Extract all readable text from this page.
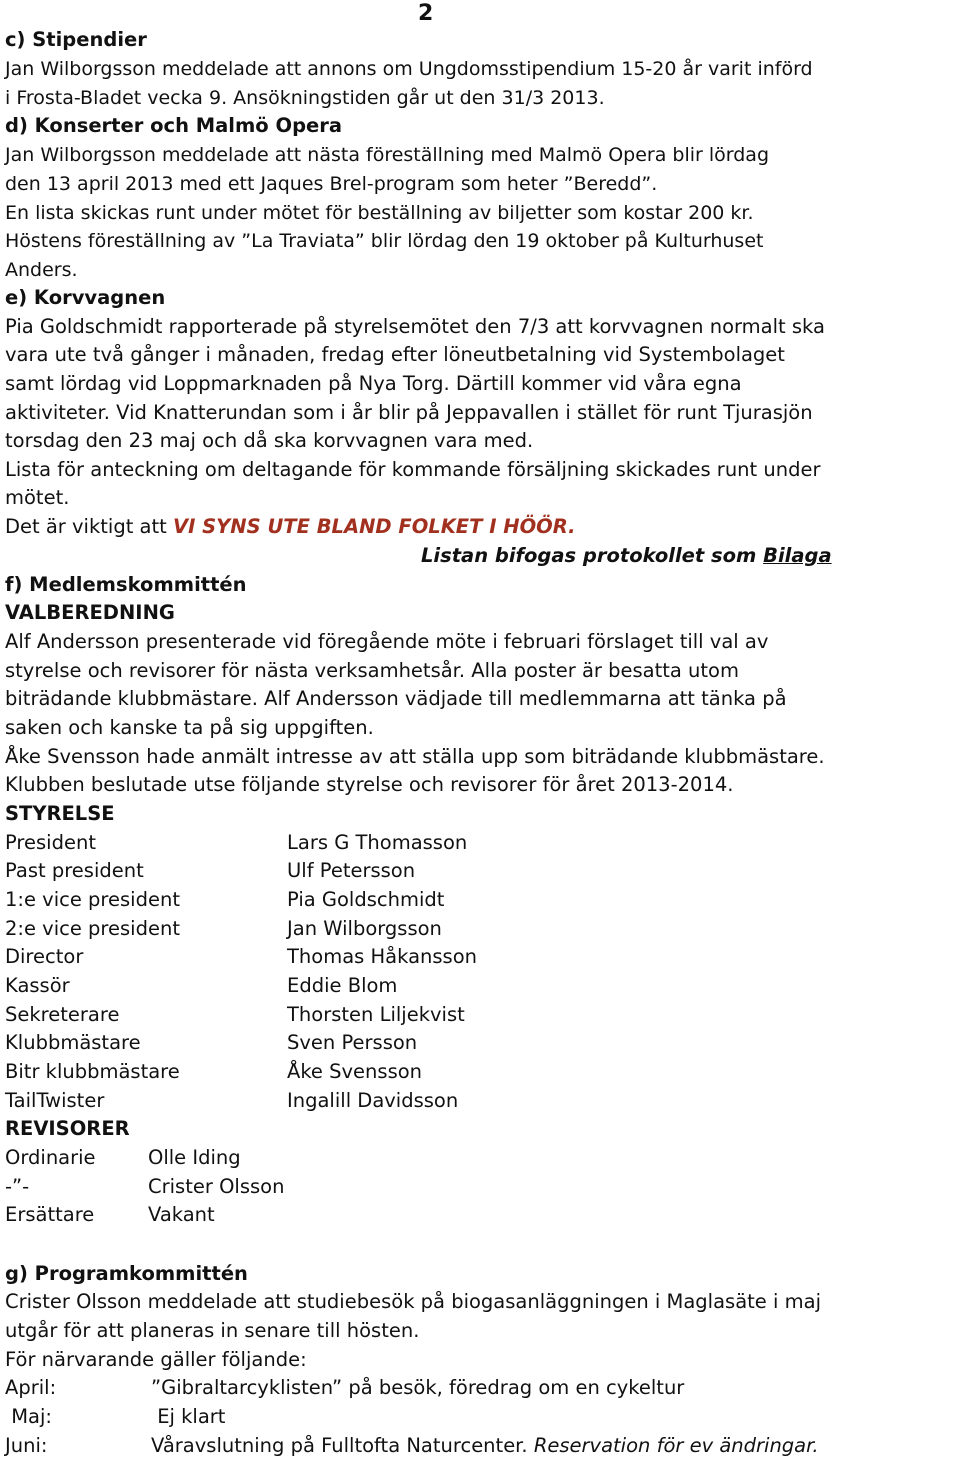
2
c) Stipendier
Jan Wilborgsson meddelade att annons om Ungdomsstipendium 15-20 år varit införd
i Frosta-Bladet vecka 9. Ansökningstiden går ut den 31/3 2013.
d) Konserter och Malmö Opera
Jan Wilborgsson meddelade att nästa föreställning med Malmö Opera blir lördag
den 13 april 2013 med ett Jaques Brel-program som heter ”Beredd”.
En lista skickas runt under mötet för beställning av biljetter som kostar 200 kr.
Höstens föreställning av ”La Traviata” blir lördag den 19 oktober på Kulturhuset
Anders.
e) Korvvagnen
Pia Goldschmidt rapporterade på styrelsemötet den 7/3 att korvvagnen normalt ska
vara ute två gånger i månaden, fredag efter löneutbetalning vid Systembolaget
samt lördag vid Loppmarknaden på Nya Torg. Därtill kommer vid våra egna
aktiviteter. Vid Knatterundan som i år blir på Jeppavallen i stället för runt Tjurasjön
torsdag den 23 maj och då ska korvvagnen vara med.
Lista för anteckning om deltagande för kommande försäljning skickades runt under
mötet.
Det är viktigt att VI SYNS UTE BLAND FOLKET I HÖÖR.
Listan bifogas protokollet som Bilaga
f) Medlemskommittén
VALBEREDNING
Alf Andersson presenterade vid föregående möte i februari förslaget till val av
styrelse och revisorer för nästa verksamhetsår. Alla poster är besatta utom
biträdande klubbmästare. Alf Andersson vädjade till medlemmarna att tänka på
saken och kanske ta på sig uppgiften.
Åke Svensson hade anmält intresse av att ställa upp som biträdande klubbmästare.
Klubben beslutade utse följande styrelse och revisorer för året 2013-2014.
STYRELSE
President	Lars G Thomasson
Past president	Ulf Petersson
1:e vice president	Pia Goldschmidt
2:e vice president	Jan Wilborgsson
Director	Thomas Håkansson
Kassör	Eddie Blom
Sekreterare	Thorsten Liljekvist
Klubbmästare	Sven Persson
Bitr klubbmästare	Åke Svensson
TailTwister	Ingalill Davidsson
REVISORER
Ordinarie	Olle Iding
-”-	Crister Olsson
Ersättare	Vakant
g) Programkommittén
Crister Olsson meddelade att studiebesök på biogasanläggningen i Maglasäte i maj
utgår för att planeras in senare till hösten.
För närvarande gäller följande:
April:	”Gibraltarcyklisten” på besök, föredrag om en cykeltur
Maj:	Ej klart
Juni:	Våravslutning på Fulltofta Naturcenter. Reservation för ev ändringar.
